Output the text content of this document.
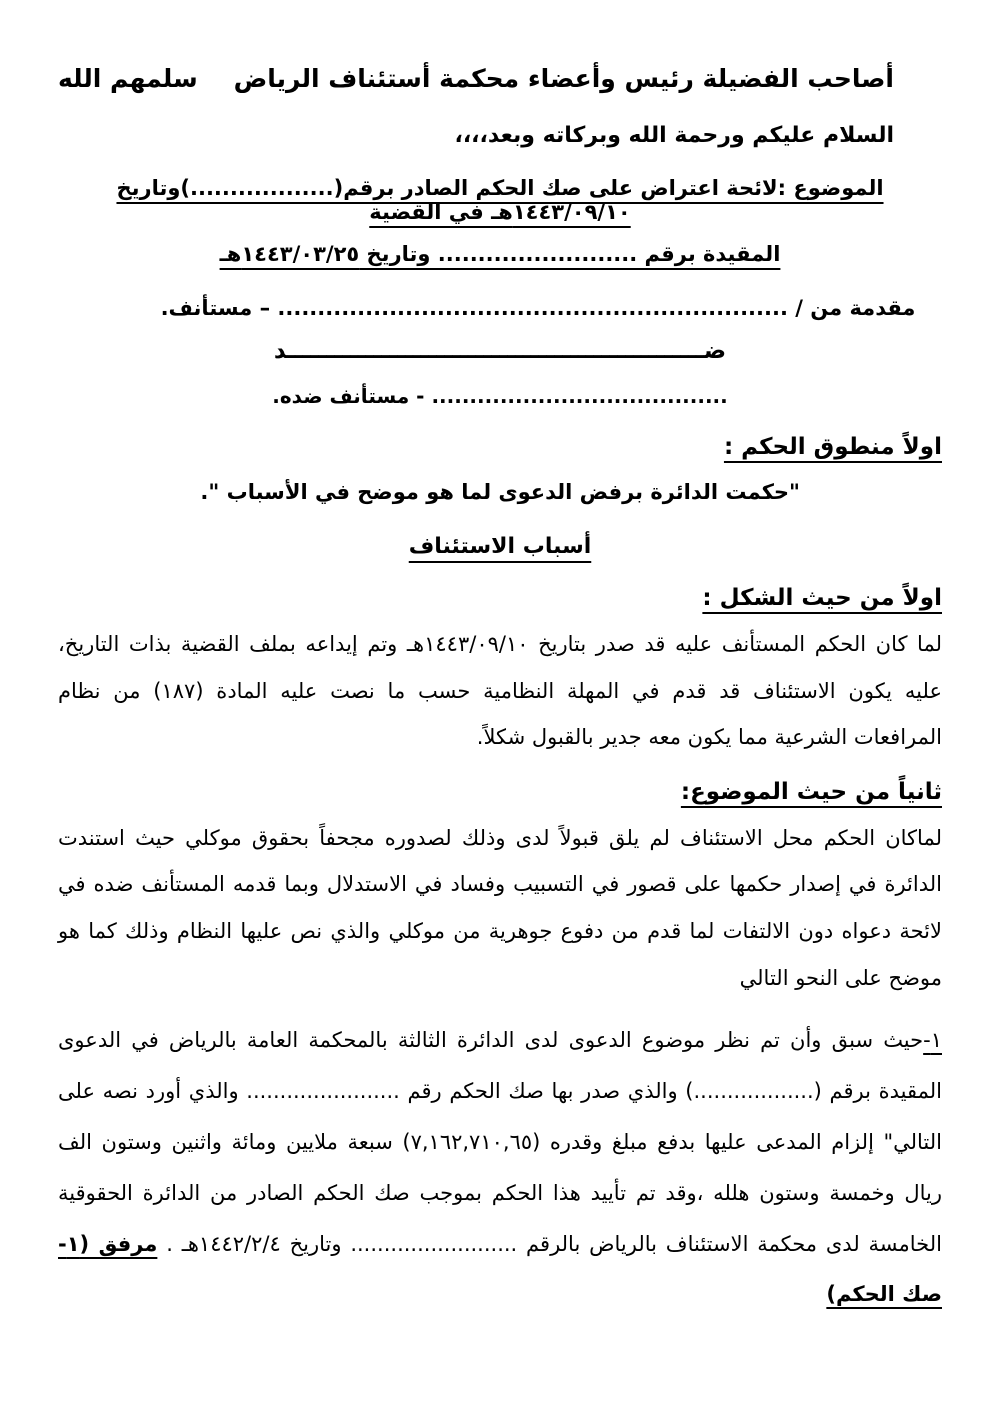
أصاحب الفضيلة رئيس وأعضاء محكمة أستئناف الرياض
سلمهم الله
السلام عليكم ورحمة الله وبركاته وبعد،،،،
الموضوع :لائحة اعتراض على صك الحكم الصادر برقم(..................)وتاريخ ١٤٤٣/٠٩/١٠هـ في القضية
المقيدة برقم ......................... وتاريخ ١٤٤٣/٠٣/٢٥هـ
مقدمة من / ................................................................ – مستأنف.
ضـــــــــــــــــــــــــــــــــــــــــــــــــــــد
....................................... - مستأنف ضده.
اولاً منطوق الحكم :
"حكمت الدائرة برفض الدعوى لما هو موضح في الأسباب ".
أسباب الاستئناف
اولاً من حيث الشكل :

لما كان الحكم المستأنف عليه قد صدر بتاريخ ١٤٤٣/٠٩/١٠هـ وتم إيداعه بملف القضية بذات التاريخ، عليه يكون الاستئناف قد قدم في المهلة النظامية حسب ما نصت عليه المادة (١٨٧) من نظام المرافعات الشرعية مما يكون معه جدير بالقبول شكلاً.

ثانياً من حيث الموضوع:

لماكان الحكم محل الاستئناف لم يلق قبولاً لدى وذلك لصدوره مجحفاً بحقوق موكلي حيث استندت الدائرة في إصدار حكمها على قصور في التسبيب وفساد في الاستدلال وبما قدمه المستأنف ضده في لائحة دعواه دون الالتفات لما قدم من دفوع جوهرية من موكلي والذي نص عليها النظام وذلك كما هو موضح على النحو التالي

١-حيث سبق وأن تم نظر موضوع الدعوى لدى الدائرة الثالثة بالمحكمة العامة بالرياض في الدعوى المقيدة برقم (..................) والذي صدر بها صك الحكم رقم ....................... والذي أورد نصه على التالي" إلزام المدعى عليها بدفع مبلغ وقدره (٧,١٦٢,٧١٠,٦٥) سبعة ملايين ومائة واثنين وستون الف ريال وخمسة وستون هلله ،وقد تم تأييد هذا الحكم بموجب صك الحكم الصادر من الدائرة الحقوقية الخامسة لدى محكمة الاستئناف بالرياض بالرقم ......................... وتاريخ ١٤٤٢/٢/٤هـ . مرفق (١-صك الحكم)
